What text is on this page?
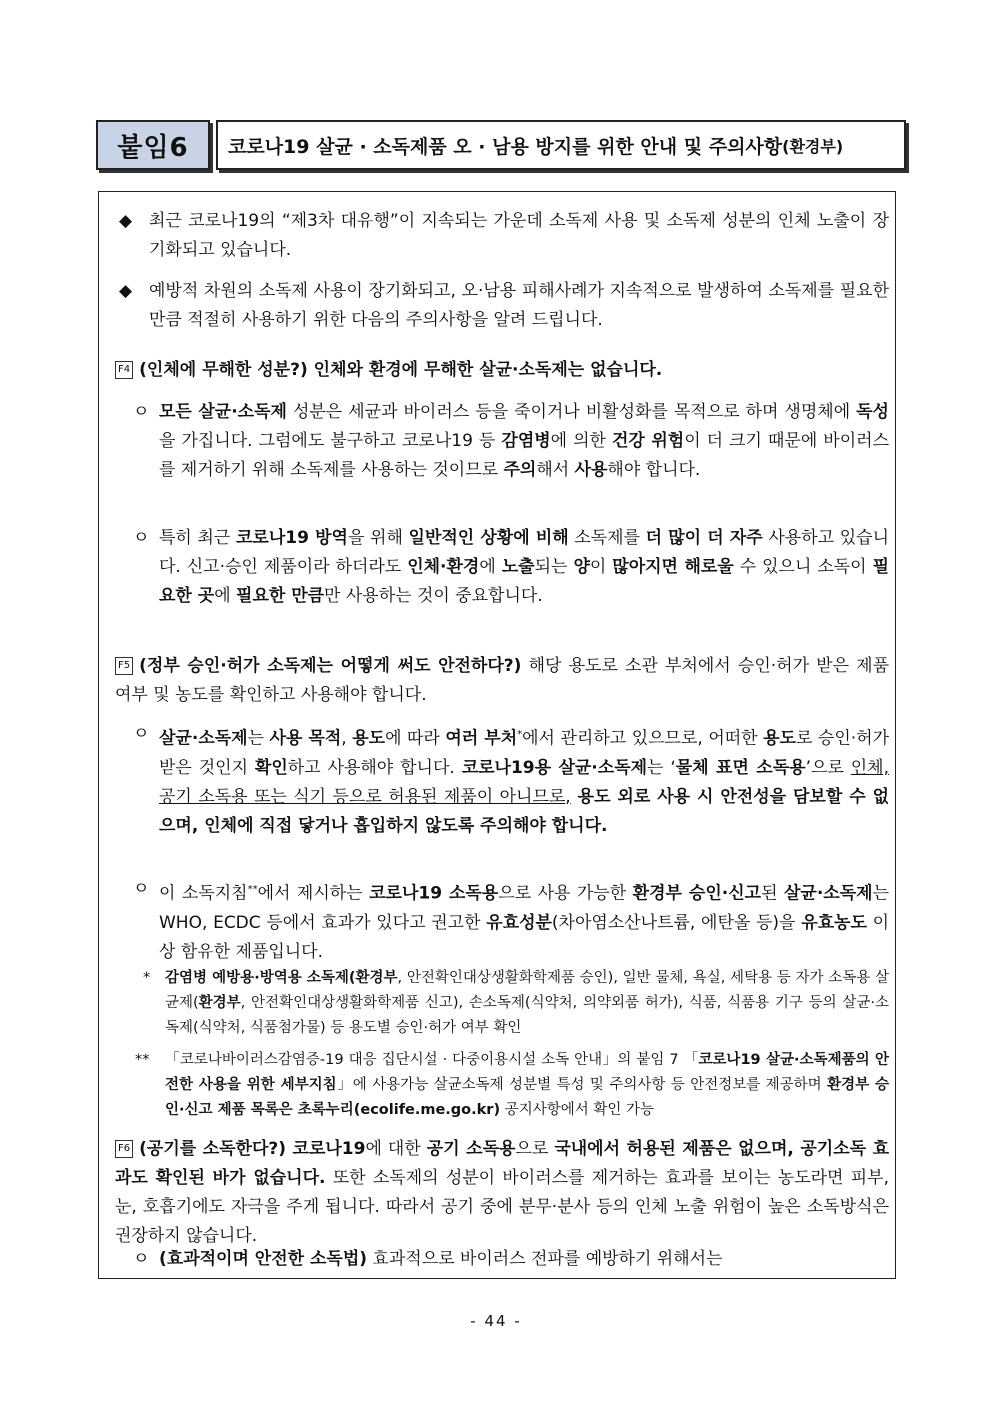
붙임6	코로나19 살균 · 소독제품 오 · 남용 방지를 위한 안내 및 주의사항 (환경부)
◆ 최근 코로나19의 “제3차 대유행”이 지속되는 가운데 소독제 사용 및 소독제 성분의 인체 노출이 장기화되고 있습니다.
◆ 예방적 차원의 소독제 사용이 장기화되고, 오·남용 피해사례가 지속적으로 발생하여 소독제를 필요한 만큼 적절히 사용하기 위한 다음의 주의사항을 알려 드립니다.
F4 (인체에 무해한 성분?) 인체와 환경에 무해한 살균·소독제는 없습니다.
ㅇ 모든 살균·소독제 성분은 세균과 바이러스 등을 죽이거나 비활성화를 목적으로 하며 생명체에 독성을 가집니다. 그럼에도 불구하고 코로나19 등 감염병에 의한 건강 위험이 더 크기 때문에 바이러스를 제거하기 위해 소독제를 사용하는 것이므로 주의해서 사용해야 합니다.
ㅇ 특히 최근 코로나19 방역을 위해 일반적인 상황에 비해 소독제를 더 많이 더 자주 사용하고 있습니다. 신고·승인 제품이라 하더라도 인체·환경에 노출되는 양이 많아지면 해로울 수 있으니 소독이 필요한 곳에 필요한 만큼만 사용하는 것이 중요합니다.
F5 (정부 승인·허가 소독제는 어떻게 써도 안전하다?) 해당 용도로 소관 부처에서 승인·허가 받은 제품 여부 및 농도를 확인하고 사용해야 합니다.
ㅇ 살균·소독제는 사용 목적, 용도에 따라 여러 부처*에서 관리하고 있으므로, 어떠한 용도로 승인·허가 받은 것인지 확인하고 사용해야 합니다. 코로나19용 살균·소독제는 ‘물체 표면 소독용’으로 인체, 공기 소독용 또는 식기 등으로 허용된 제품이 아니므로, 용도 외로 사용 시 안전성을 담보할 수 없으며, 인체에 직접 닿거나 흡입하지 않도록 주의해야 합니다.
ㅇ 이 소독지침**에서 제시하는 코로나19 소독용으로 사용 가능한 환경부 승인·신고된 살균·소독제는 WHO, ECDC 등에서 효과가 있다고 권고한 유효성분(차아염소산나트륨, 에탄올 등)을 유효농도 이상 함유한 제품입니다.
* 감염병 예방용·방역용 소독제(환경부, 안전확인대상생활화학제품 승인), 일반 물체, 욕실, 세탁용 등 자가 소독용 살균제(환경부, 안전확인대상생활화학제품 신고), 손소독제(식약처, 의약외품 허가), 식품, 식품용 기구 등의 살균·소독제(식약처, 식품첨가물) 등 용도별 승인·허가 여부 확인
** 「코로나바이러스감염증-19 대응 집단시설 · 다중이용시설 소독 안내」의 붙임 7 「코로나19 살균·소독제품의 안전한 사용을 위한 세부지침」에 사용가능 살균소독제 성분별 특성 및 주의사항 등 안전정보를 제공하며 환경부 승인·신고 제품 목록은 초록누리(ecolife.me.go.kr) 공지사항에서 확인 가능
F6 (공기를 소독한다?) 코로나19에 대한 공기 소독용으로 국내에서 허용된 제품은 없으며, 공기소독 효과도 확인된 바가 없습니다. 또한 소독제의 성분이 바이러스를 제거하는 효과를 보이는 농도라면 피부, 눈, 호흡기에도 자극을 주게 됩니다. 따라서 공기 중에 분무·분사 등의 인체 노출 위험이 높은 소독방식은 권장하지 않습니다.
ㅇ (효과적이며 안전한 소독법) 효과적으로 바이러스 전파를 예방하기 위해서는
- 44 -
